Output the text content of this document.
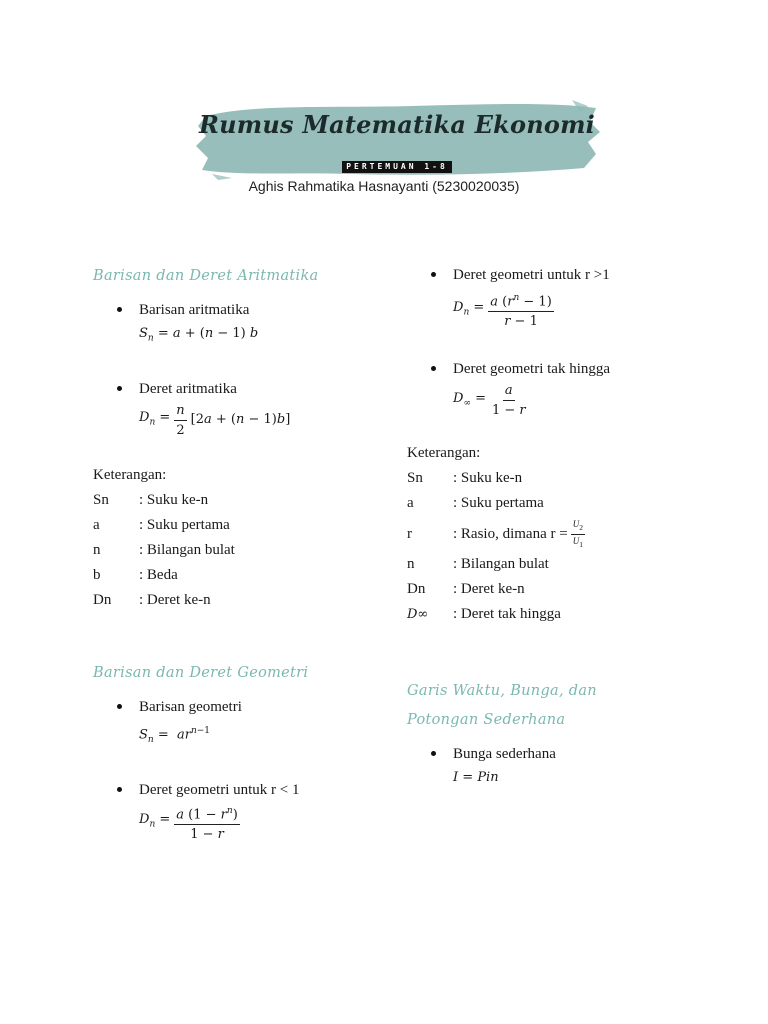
Rumus Matematika Ekonomi
PERTEMUAN 1-8
Aghis Rahmatika Hasnayanti (5230020035)
Barisan dan Deret Aritmatika
Barisan aritmatika
$S_n = a + (n - 1)$ b
Deret aritmatika
$D_n = \frac{n}{2} [2a + (n - 1)b]$
Keterangan:
Sn	: Suku ke-n
a	: Suku pertama
n	: Bilangan bulat
b	: Beda
Dn	: Deret ke-n
Barisan dan Deret Geometri
Barisan geometri
$S_n = ar^{n-1}$
Deret geometri untuk r < 1
$D_n = \frac{a (1 - r^n)}{1 - r}$
Deret geometri untuk r >1
$D_n = \frac{a (r^n - 1)}{r - 1}$
Deret geometri tak hingga
$D_\infty = \frac{a}{1 - r}$
Keterangan:
Sn	: Suku ke-n
a	: Suku pertama
r	: Rasio, dimana $r = \frac{U_2}{U_1}$
n	: Bilangan bulat
Dn	: Deret ke-n
D∞	: Deret tak hingga
Garis Waktu, Bunga, dan
Potongan Sederhana
Bunga sederhana
I = Pin
